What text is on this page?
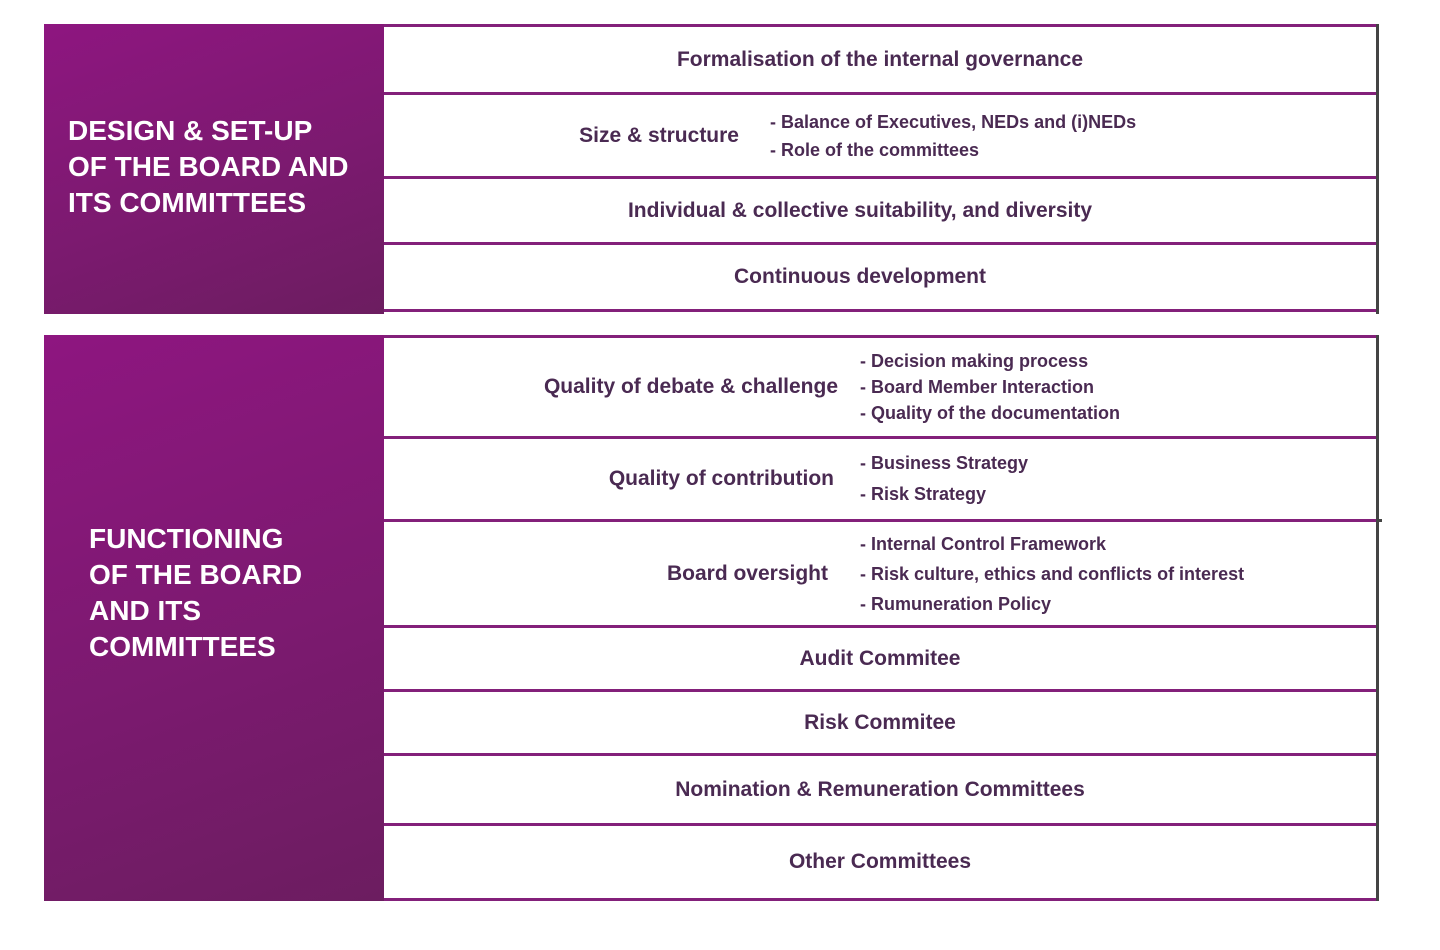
DESIGN & SET-UP
OF THE BOARD AND
ITS COMMITTEES
Formalisation of the internal governance
Size & structure
- Balance of Executives, NEDs and (i)NEDs
- Role of the committees
Individual & collective suitability, and diversity
Continuous development
FUNCTIONING
OF THE BOARD
AND ITS
COMMITTEES
Quality of debate & challenge
- Decision making process
- Board Member Interaction
- Quality of the documentation
Quality of contribution
- Business Strategy
- Risk Strategy
Board oversight
- Internal Control Framework
- Risk culture, ethics and conflicts of interest
- Rumuneration Policy
Audit Commitee
Risk Commitee
Nomination & Remuneration Committees
Other Committees
